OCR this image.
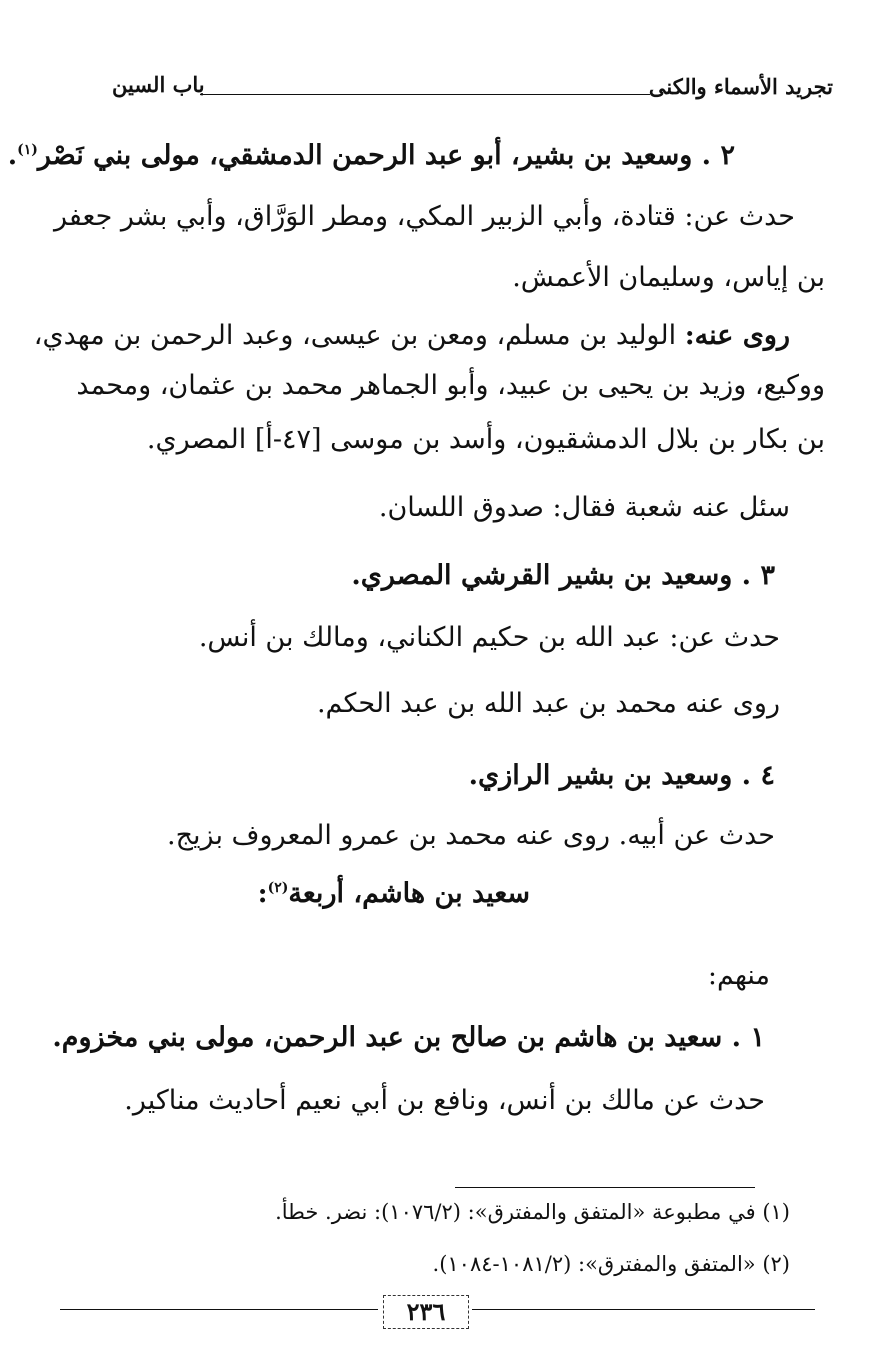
تجريد الأسماء والكنى
باب السين
٢ . وسعيد بن بشير، أبو عبد الرحمن الدمشقي، مولى بني نَصْر$^{(١)}$.
حدث عن: قتادة، وأبي الزبير المكي، ومطر الوَرَّاق، وأبي بشر جعفر
بن إياس، وسليمان الأعمش.
روى عنه: الوليد بن مسلم، ومعن بن عيسى، وعبد الرحمن بن مهدي،
ووكيع، وزيد بن يحيى بن عبيد، وأبو الجماهر محمد بن عثمان، ومحمد
بن بكار بن بلال الدمشقيون، وأسد بن موسى [٤٧-أ] المصري.
سئل عنه شعبة فقال: صدوق اللسان.
٣ . وسعيد بن بشير القرشي المصري.
حدث عن: عبد الله بن حكيم الكناني، ومالك بن أنس.
روى عنه محمد بن عبد الله بن عبد الحكم.
٤ . وسعيد بن بشير الرازي.
حدث عن أبيه. روى عنه محمد بن عمرو المعروف بزيج.
سعيد بن هاشم، أربعة$^{(٢)}$:
منهم:
١ . سعيد بن هاشم بن صالح بن عبد الرحمن، مولى بني مخزوم.
حدث عن مالك بن أنس، ونافع بن أبي نعيم أحاديث مناكير.
(١) في مطبوعة «المتفق والمفترق»: (١٠٧٦/٢): نضر. خطأ.
(٢) «المتفق والمفترق»: (١٠٨١/٢-١٠٨٤).
٢٣٦
